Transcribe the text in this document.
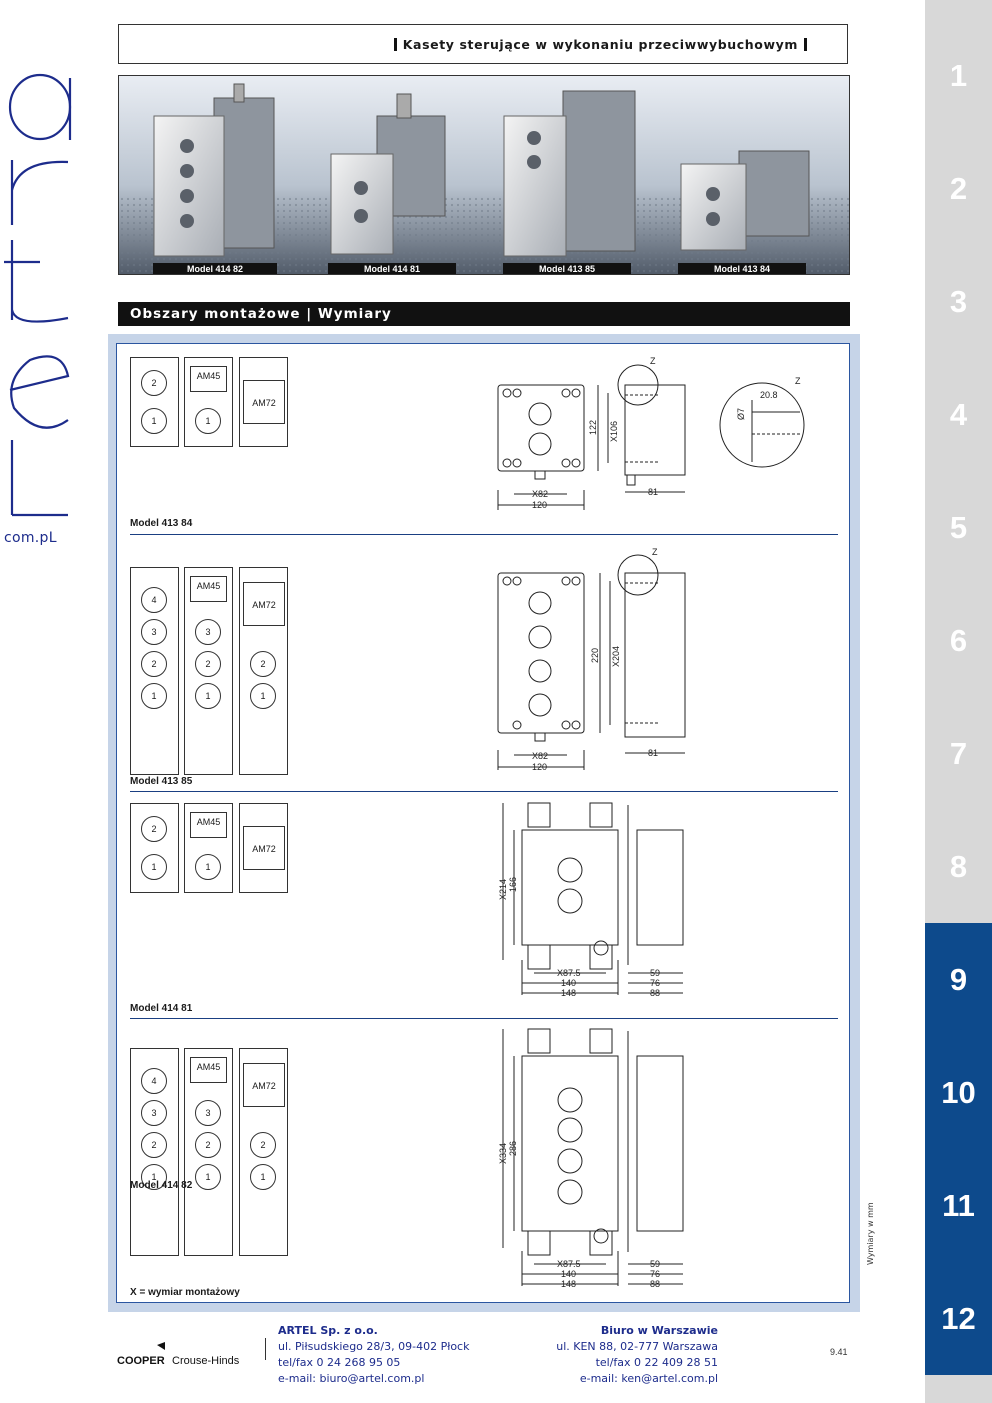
com.pL
Kasety sterujące w wykonaniu przeciwwybuchowym
Model 414 82	Model 414 81	Model 413 85	Model 413 84
Obszary montażowe | Wymiary
2
1
AM45
1
AM72
4
3
2
1
AM45
3
2
1
AM72
2
1
2
1
AM45
1
AM72
4
3
2
1
AM45
3
2
1
AM72
2
1
Model 413 84
Model 413 85
Model 414 81
Model 414 82
X82
120
122 X106
81
Z
Z
20.8
Ø7
X82
120
220 X204
81
Z
X87.5
140
148
X214 166
59
76
88
X87.5
140
148
X334 286
59
76
88
X = wymiar montażowy
Wymiary w mm
1
2
3
4
5
6
7
8
9
10
11
12
COOPER Crouse-Hinds
ARTEL Sp. z o.o.
ul. Piłsudskiego 28/3, 09-402 Płock
tel/fax 0 24 268 95 05
e-mail: biuro@artel.com.pl
Biuro w Warszawie
ul. KEN 88, 02-777 Warszawa
tel/fax 0 22 409 28 51
e-mail: ken@artel.com.pl
9.41
